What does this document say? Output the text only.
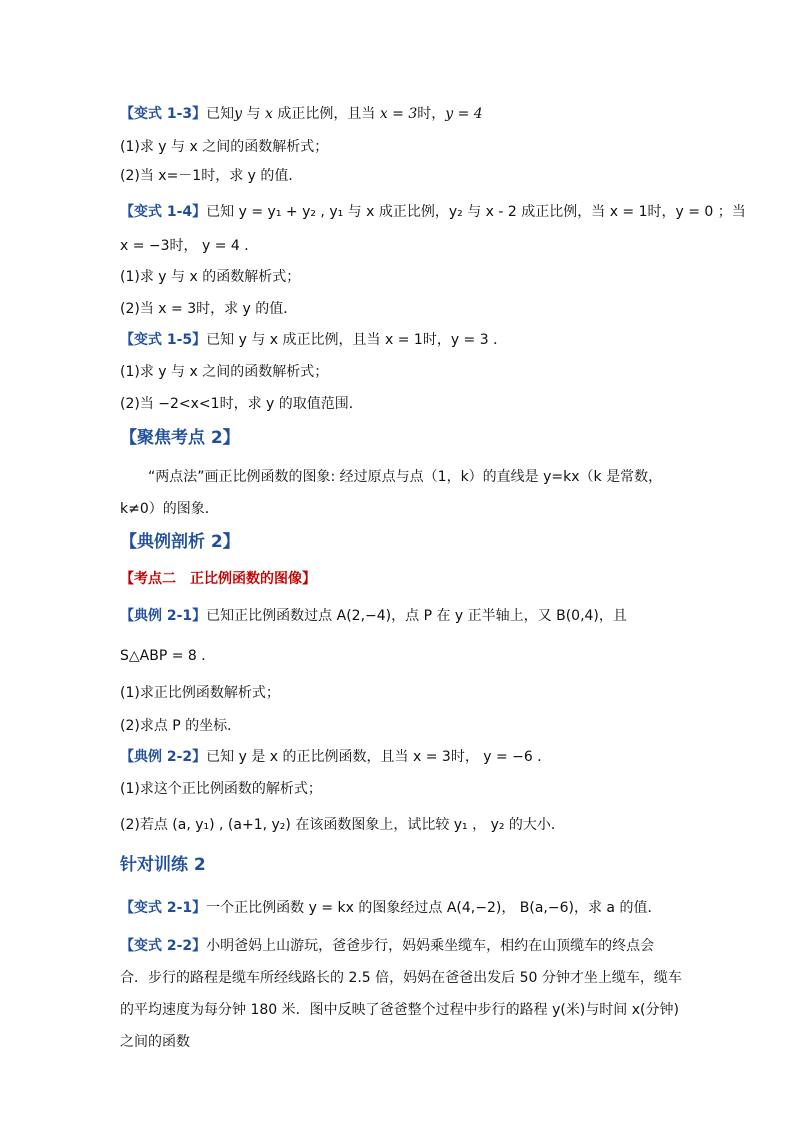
【变式 1-3】已知y 与 x 成正比例，且当 x = 3时，y = 4
(1)求 y 与 x 之间的函数解析式；
(2)当 x=－1时，求 y 的值．
【变式 1-4】已知 y = y₁ + y₂ , y₁ 与 x 成正比例，y₂ 与 x - 2 成正比例，当 x = 1时，y = 0 ；当
x = −3时， y = 4 ．
(1)求 y 与 x 的函数解析式；
(2)当 x = 3时，求 y 的值．
【变式 1-5】已知 y 与 x 成正比例，且当 x = 1时，y = 3 ．
(1)求 y 与 x 之间的函数解析式；
(2)当 −2<x<1时，求 y 的取值范围．
【聚焦考点 2】
“两点法”画正比例函数的图象: 经过原点与点（1，k）的直线是 y=kx（k 是常数，k≠0）的图象．
【典例剖析 2】
【考点二　正比例函数的图像】
【典例 2-1】已知正比例函数过点 A(2,−4)，点 P 在 y 正半轴上，又 B(0,4)，且
S△ABP = 8 ．
(1)求正比例函数解析式；
(2)求点 P 的坐标．
【典例 2-2】已知 y 是 x 的正比例函数，且当 x = 3时， y = −6 ．
(1)求这个正比例函数的解析式；
(2)若点 (a, y₁) , (a+1, y₂) 在该函数图象上，试比较 y₁ ， y₂ 的大小．
针对训练 2
【变式 2-1】一个正比例函数 y = kx 的图象经过点 A(4,−2)， B(a,−6)，求 a 的值．
【变式 2-2】小明爸妈上山游玩，爸爸步行，妈妈乘坐缆车，相约在山顶缆车的终点会合．步行的路程是缆车所经线路长的 2.5 倍，妈妈在爸爸出发后 50 分钟才坐上缆车，缆车的平均速度为每分钟 180 米．图中反映了爸爸整个过程中步行的路程 y(米)与时间 x(分钟)之间的函数
